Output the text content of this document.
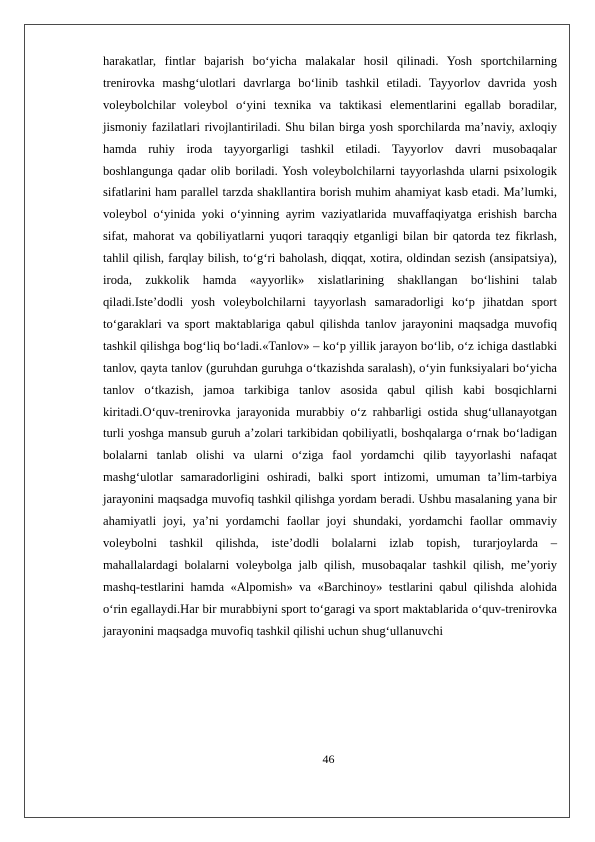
harakatlar, fintlar bajarish bo‘yicha malakalar hosil qilinadi. Yosh sportchilarning trenirovka mashg‘ulotlari davrlarga bo‘linib tashkil etiladi. Tayyorlov davrida yosh voleybolchilar voleybol o‘yini texnika va taktikasi elementlarini egallab boradilar, jismoniy fazilatlari rivojlantiriladi. Shu bilan birga yosh sporchilarda ma’naviy, axloqiy hamda ruhiy iroda tayyorgarligi tashkil etiladi. Tayyorlov davri musobaqalar boshlangunga qadar olib boriladi. Yosh voleybolchilarni tayyorlashda ularni psixologik sifatlarini ham parallel tarzda shakllantira borish muhim ahamiyat kasb etadi. Ma’lumki, voleybol o‘yinida yoki o‘yinning ayrim vaziyatlarida muvaffaqiyatga erishish barcha sifat, mahorat va qobiliyatlarni yuqori taraqqiy etganligi bilan bir qatorda tez fikrlash, tahlil qilish, farqlay bilish, to‘g‘ri baholash, diqqat, xotira, oldindan sezish (ansipatsiya), iroda, zukkolik hamda «ayyorlik» xislatlarining shakllangan bo‘lishini talab qiladi.Iste’dodli yosh voleybolchilarni tayyorlash samaradorligi ko‘p jihatdan sport to‘garaklari va sport maktablariga qabul qilishda tanlov jarayonini maqsadga muvofiq tashkil qilishga bog‘liq bo‘ladi.«Tanlov» – ko‘p yillik jarayon bo‘lib, o‘z ichiga dastlabki tanlov, qayta tanlov (guruhdan guruhga o‘tkazishda saralash), o‘yin funksiyalari bo‘yicha tanlov o‘tkazish, jamoa tarkibiga tanlov asosida qabul qilish kabi bosqichlarni kiritadi.O‘quv-trenirovka jarayonida murabbiy o‘z rahbarligi ostida shug‘ullanayotgan turli yoshga mansub guruh a’zolari tarkibidan qobiliyatli, boshqalarga o‘rnak bo‘ladigan bolalarni tanlab olishi va ularni o‘ziga faol yordamchi qilib tayyorlashi nafaqat mashg‘ulotlar samaradorligini oshiradi, balki sport intizomi, umuman ta’lim-tarbiya jarayonini maqsadga muvofiq tashkil qilishga yordam beradi. Ushbu masalaning yana bir ahamiyatli joyi, ya’ni yordamchi faollar joyi shundaki, yordamchi faollar ommaviy voleybolni tashkil qilishda, iste’dodli bolalarni izlab topish, turarjoylarda – mahallalardagi bolalarni voleybolga jalb qilish, musobaqalar tashkil qilish, me’yoriy mashq-testlarini hamda «Alpomish» va «Barchinoy» testlarini qabul qilishda alohida o‘rin egallaydi.Har bir murabbiyni sport to‘garagi va sport maktablarida o‘quv-trenirovka jarayonini maqsadga muvofiq tashkil qilishi uchun shug‘ullanuvchi

46
